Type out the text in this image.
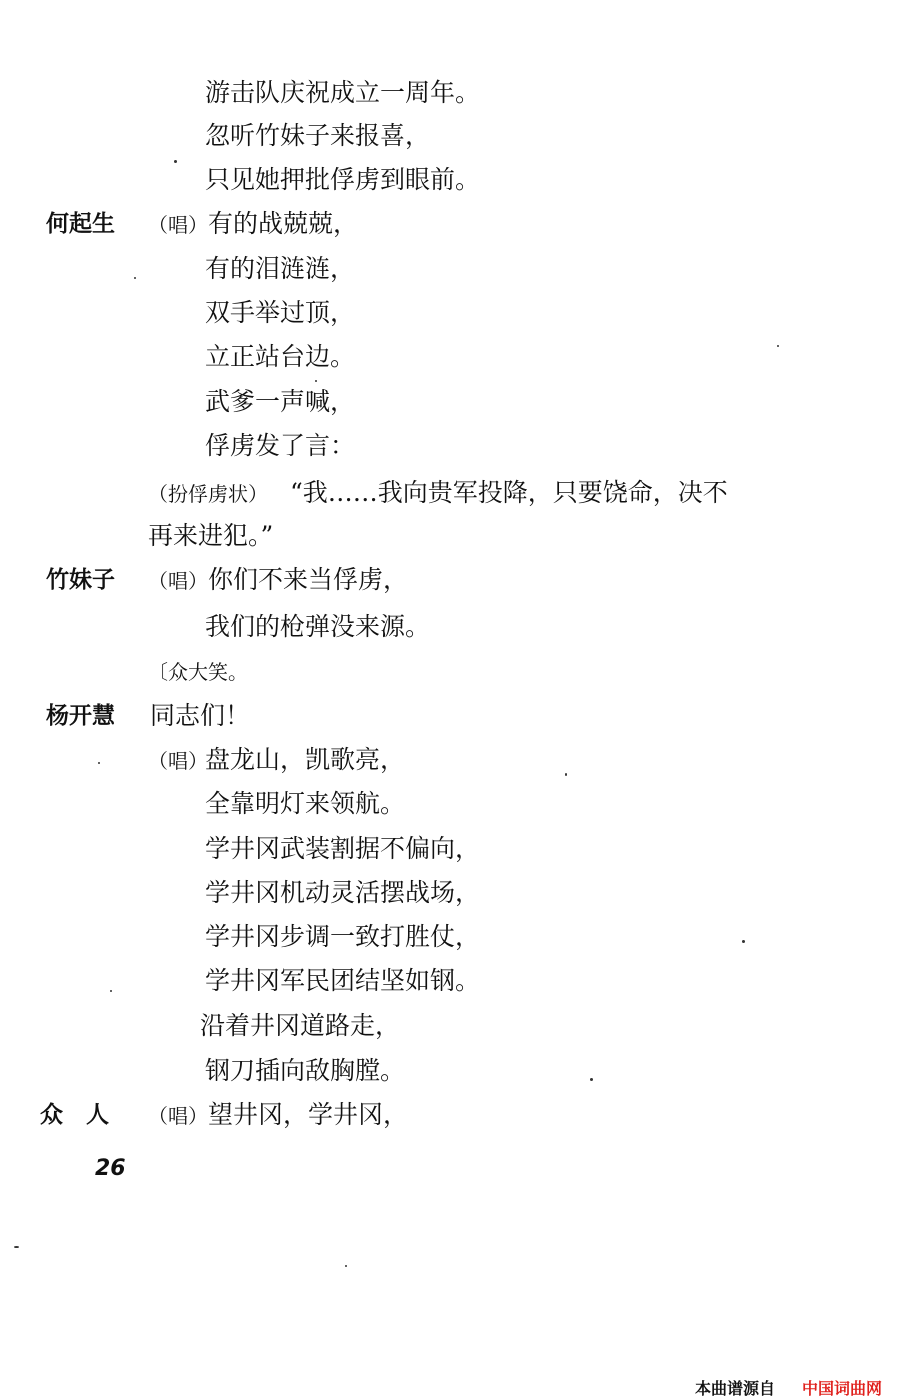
游击队庆祝成立一周年。
忽听竹妹子来报喜，
只见她押批俘虏到眼前。
何起生 （唱） 有的战兢兢，
有的泪涟涟，
双手举过顶，
立正站台边。
武爹一声喊，
俘虏发了言：
（扮俘虏状） “我……我向贵军投降，只要饶命，决不
再来进犯。”
竹妹子 （唱） 你们不来当俘虏，
我们的枪弹没来源。
〔众大笑。
杨开慧 同志们！
（唱）
盘龙山，凯歌亮，
全靠明灯来领航。
学井冈武装割据不偏向，
学井冈机动灵活摆战场，
学井冈步调一致打胜仗，
学井冈军民团结坚如钢。
沿着井冈道路走，
钢刀插向敌胸膛。
众　人 （唱） 望井冈，学井冈，
26
本曲谱源自 中国词曲网
